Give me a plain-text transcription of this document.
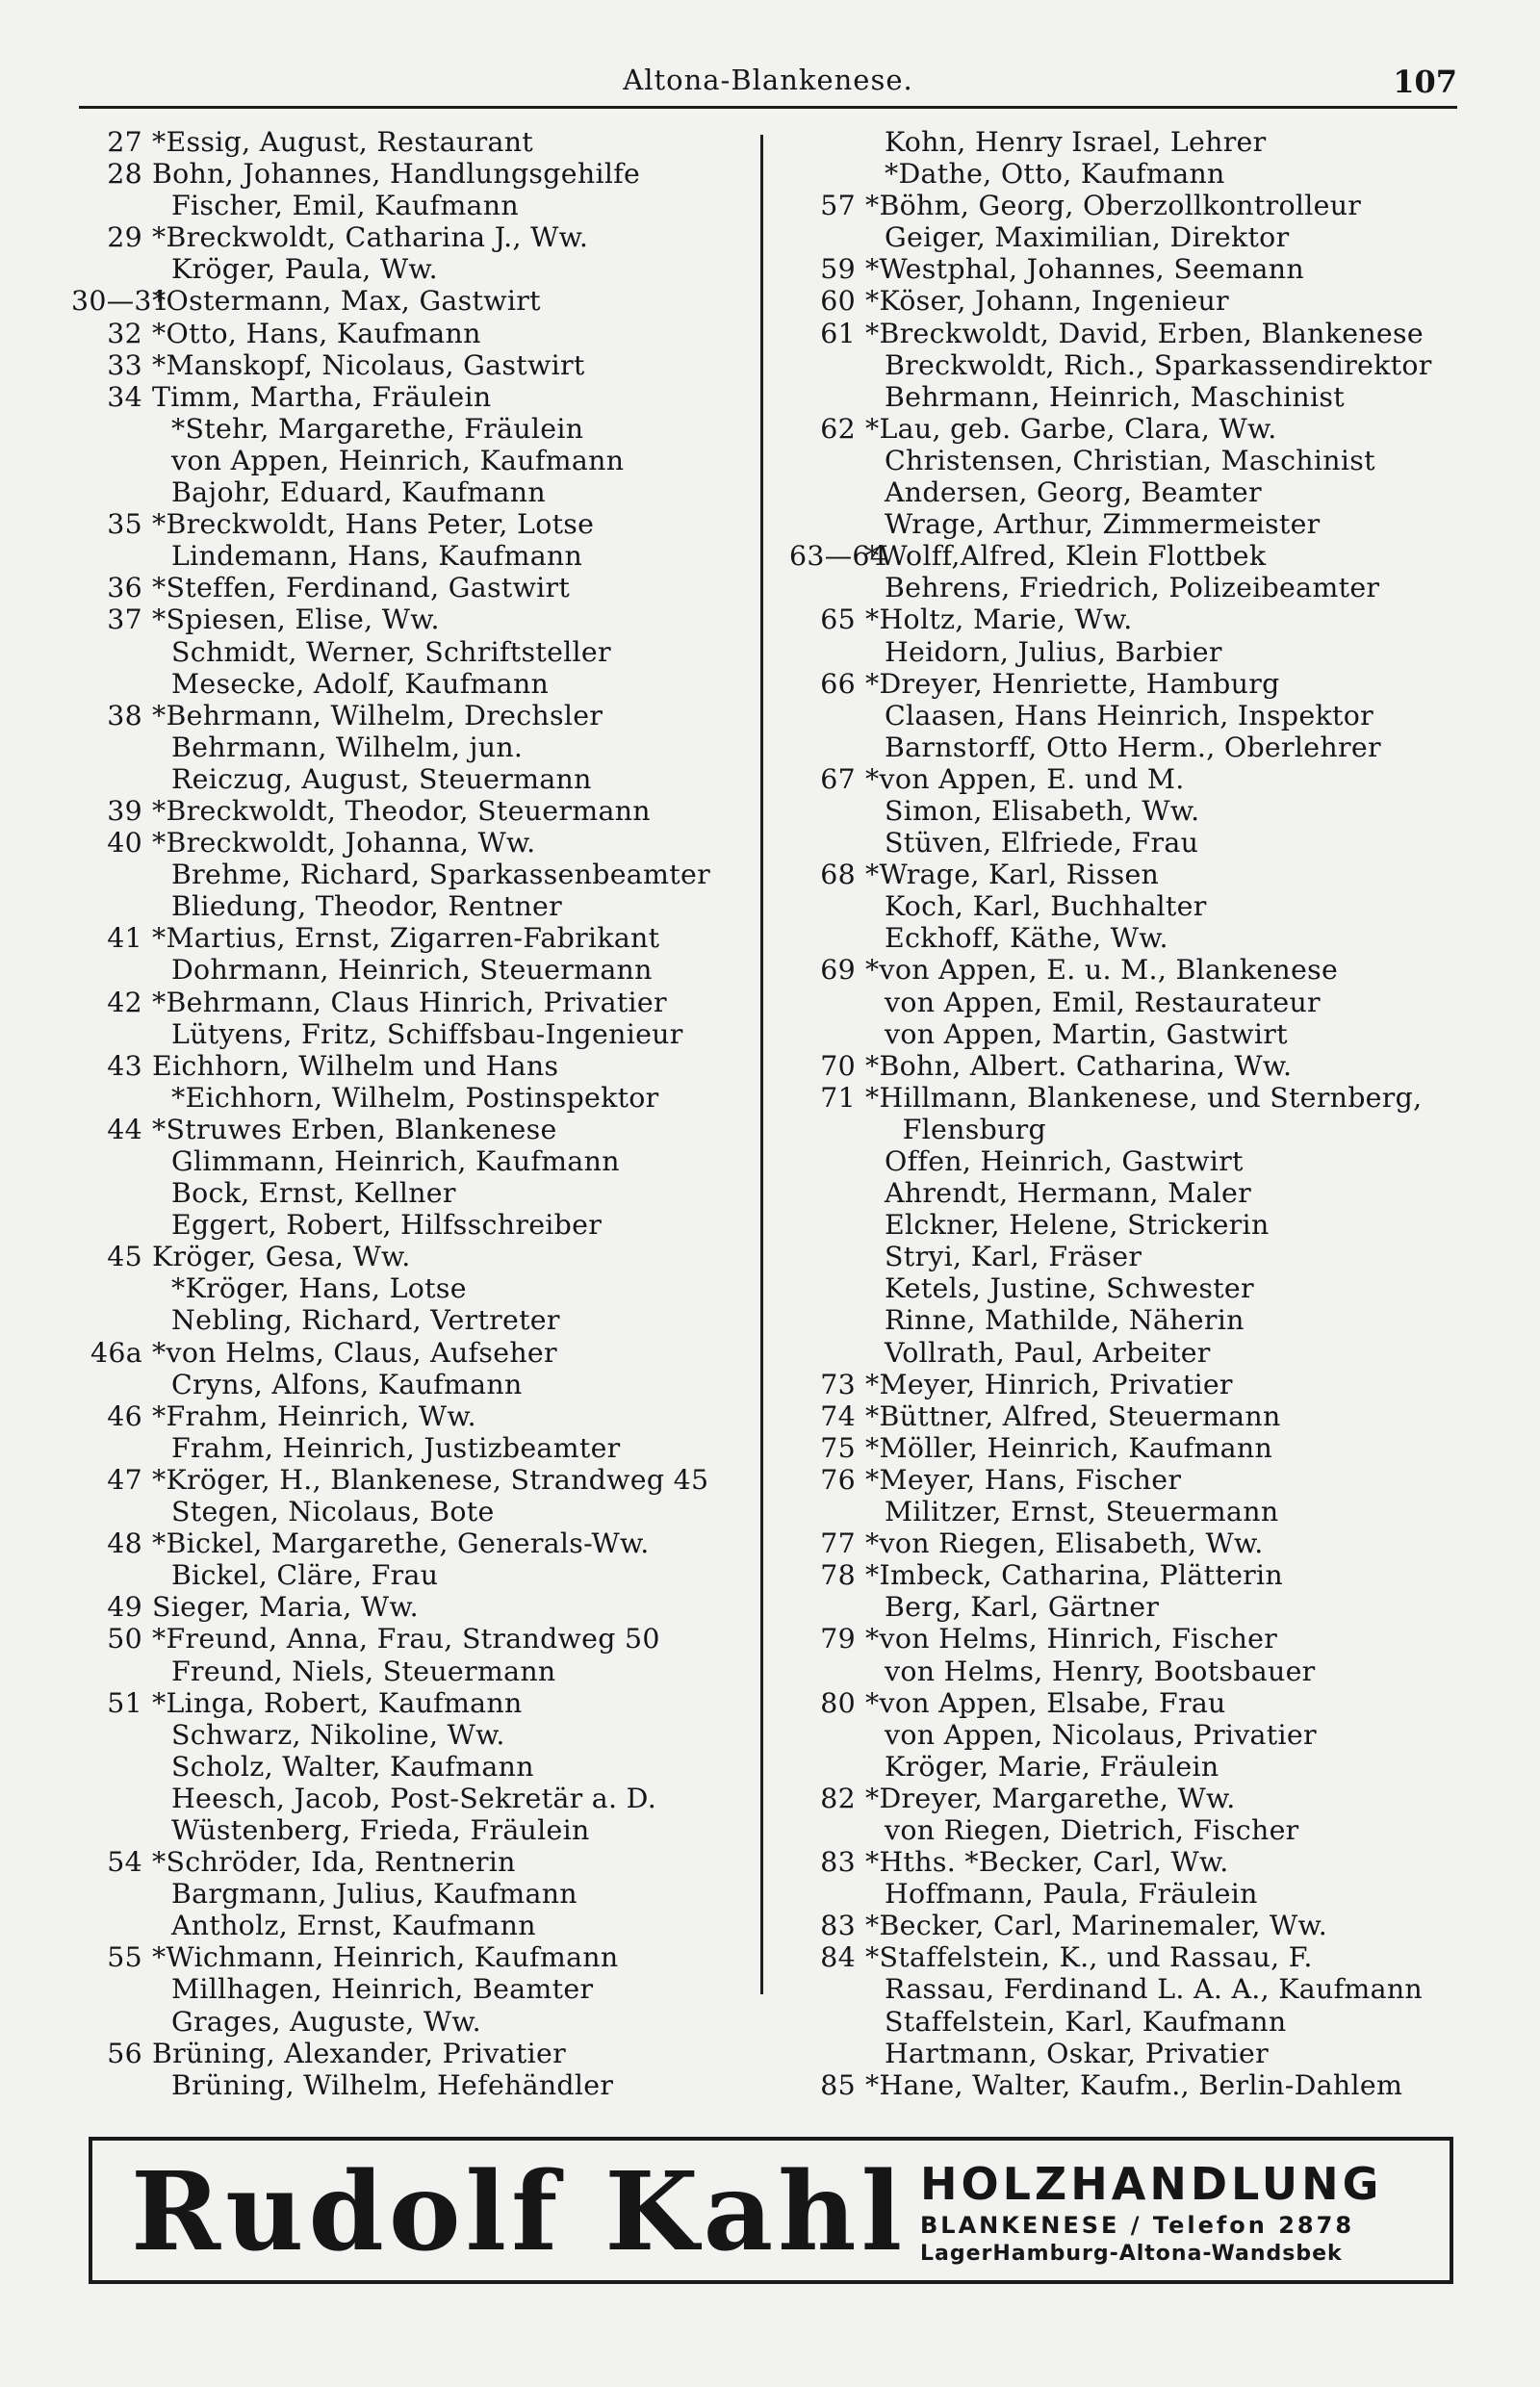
Altona-Blankenese.	107
27 *Essig, August, Restaurant
28 Bohn, Johannes, Handlungsgehilfe
Fischer, Emil, Kaufmann
29 *Breckwoldt, Catharina J., Ww.
Kröger, Paula, Ww.
30—31
*Ostermann, Max, Gastwirt
32 *Otto, Hans, Kaufmann
33 *Manskopf, Nicolaus, Gastwirt
34 Timm, Martha, Fräulein
*Stehr, Margarethe, Fräulein
von Appen, Heinrich, Kaufmann
Bajohr, Eduard, Kaufmann
35 *Breckwoldt, Hans Peter, Lotse
Lindemann, Hans, Kaufmann
36 *Steffen, Ferdinand, Gastwirt
37 *Spiesen, Elise, Ww.
Schmidt, Werner, Schriftsteller
Mesecke, Adolf, Kaufmann
38 *Behrmann, Wilhelm, Drechsler
Behrmann, Wilhelm, jun.
Reiczug, August, Steuermann
39 *Breckwoldt, Theodor, Steuermann
40 *Breckwoldt, Johanna, Ww.
Brehme, Richard, Sparkassenbeamter
Bliedung, Theodor, Rentner
41 *Martius, Ernst, Zigarren-Fabrikant
Dohrmann, Heinrich, Steuermann
42 *Behrmann, Claus Hinrich, Privatier
Lütyens, Fritz, Schiffsbau-Ingenieur
43 Eichhorn, Wilhelm und Hans
*Eichhorn, Wilhelm, Postinspektor
44 *Struwes Erben, Blankenese
Glimmann, Heinrich, Kaufmann
Bock, Ernst, Kellner
Eggert, Robert, Hilfsschreiber
45 Kröger, Gesa, Ww.
*Kröger, Hans, Lotse
Nebling, Richard, Vertreter
46a *von Helms, Claus, Aufseher
Cryns, Alfons, Kaufmann
46 *Frahm, Heinrich, Ww.
Frahm, Heinrich, Justizbeamter
47 *Kröger, H., Blankenese, Strandweg 45
Stegen, Nicolaus, Bote
48 *Bickel, Margarethe, Generals-Ww.
Bickel, Cläre, Frau
49 Sieger, Maria, Ww.
50 *Freund, Anna, Frau, Strandweg 50
Freund, Niels, Steuermann
51 *Linga, Robert, Kaufmann
Schwarz, Nikoline, Ww.
Scholz, Walter, Kaufmann
Heesch, Jacob, Post-Sekretär a. D.
Wüstenberg, Frieda, Fräulein
54 *Schröder, Ida, Rentnerin
Bargmann, Julius, Kaufmann
Antholz, Ernst, Kaufmann
55 *Wichmann, Heinrich, Kaufmann
Millhagen, Heinrich, Beamter
Grages, Auguste, Ww.
56 Brüning, Alexander, Privatier
Brüning, Wilhelm, Hefehändler
Kohn, Henry Israel, Lehrer
*Dathe, Otto, Kaufmann
57 *Böhm, Georg, Oberzollkontrolleur
Geiger, Maximilian, Direktor
59 *Westphal, Johannes, Seemann
60 *Köser, Johann, Ingenieur
61 *Breckwoldt, David, Erben, Blankenese
Breckwoldt, Rich., Sparkassendirektor
Behrmann, Heinrich, Maschinist
62 *Lau, geb. Garbe, Clara, Ww.
Christensen, Christian, Maschinist
Andersen, Georg, Beamter
Wrage, Arthur, Zimmermeister
63—64
*Wolff,Alfred, Klein Flottbek
Behrens, Friedrich, Polizeibeamter
65 *Holtz, Marie, Ww.
Heidorn, Julius, Barbier
66 *Dreyer, Henriette, Hamburg
Claasen, Hans Heinrich, Inspektor
Barnstorff, Otto Herm., Oberlehrer
67 *von Appen, E. und M.
Simon, Elisabeth, Ww.
Stüven, Elfriede, Frau
68 *Wrage, Karl, Rissen
Koch, Karl, Buchhalter
Eckhoff, Käthe, Ww.
69 *von Appen, E. u. M., Blankenese
von Appen, Emil, Restaurateur
von Appen, Martin, Gastwirt
70 *Bohn, Albert. Catharina, Ww.
71 *Hillmann, Blankenese, und Sternberg,
Flensburg
Offen, Heinrich, Gastwirt
Ahrendt, Hermann, Maler
Elckner, Helene, Strickerin
Stryi, Karl, Fräser
Ketels, Justine, Schwester
Rinne, Mathilde, Näherin
Vollrath, Paul, Arbeiter
73 *Meyer, Hinrich, Privatier
74 *Büttner, Alfred, Steuermann
75 *Möller, Heinrich, Kaufmann
76 *Meyer, Hans, Fischer
Militzer, Ernst, Steuermann
77 *von Riegen, Elisabeth, Ww.
78 *Imbeck, Catharina, Plätterin
Berg, Karl, Gärtner
79 *von Helms, Hinrich, Fischer
von Helms, Henry, Bootsbauer
80 *von Appen, Elsabe, Frau
von Appen, Nicolaus, Privatier
Kröger, Marie, Fräulein
82 *Dreyer, Margarethe, Ww.
von Riegen, Dietrich, Fischer
83 *Hths. *Becker, Carl, Ww.
Hoffmann, Paula, Fräulein
83 *Becker, Carl, Marinemaler, Ww.
84 *Staffelstein, K., und Rassau, F.
Rassau, Ferdinand L. A. A., Kaufmann
Staffelstein, Karl, Kaufmann
Hartmann, Oskar, Privatier
85 *Hane, Walter, Kaufm., Berlin-Dahlem
Rudolf Kahl HOLZHANDLUNG
BLANKENESE / Telefon 2878
LagerHamburg-Altona-Wandsbek
